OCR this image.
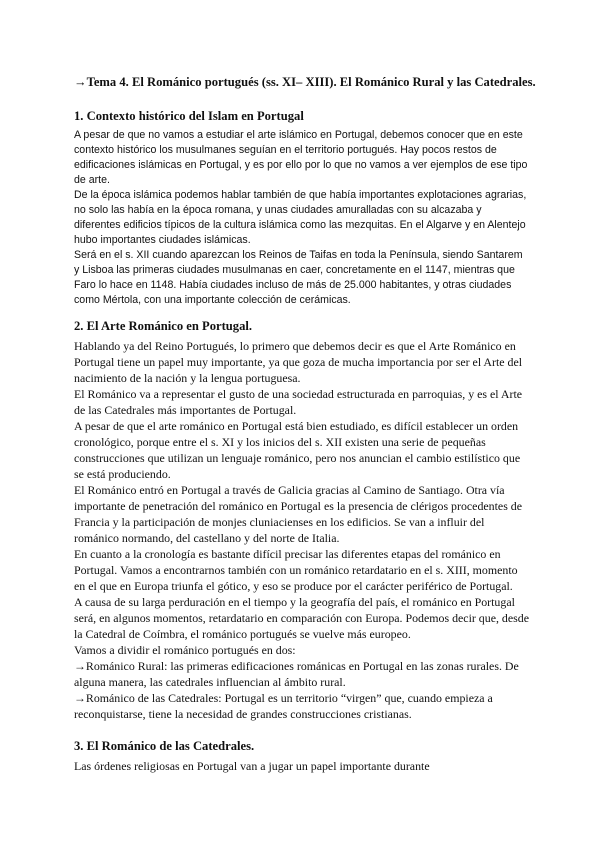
→Tema 4. El Románico portugués (ss. XI– XIII). El Románico Rural y las Catedrales.
1. Contexto histórico del Islam en Portugal

A pesar de que no vamos a estudiar el arte islámico en Portugal, debemos conocer que en este contexto histórico los musulmanes seguían en el territorio portugués. Hay pocos restos de edificaciones islámicas en Portugal, y es por ello por lo que no vamos a ver ejemplos de ese tipo de arte.

De la época islámica podemos hablar también de que había importantes explotaciones agrarias, no solo las había en la época romana, y unas ciudades amuralladas con su alcazaba y diferentes edificios típicos de la cultura islámica como las mezquitas. En el Algarve y en Alentejo hubo importantes ciudades islámicas.

Será en el s. XII cuando aparezcan los Reinos de Taifas en toda la Península, siendo Santarem y Lisboa las primeras ciudades musulmanas en caer, concretamente en el 1147, mientras que Faro lo hace en 1148. Había ciudades incluso de más de 25.000 habitantes, y otras ciudades como Mértola, con una importante colección de cerámicas.

2. El Arte Románico en Portugal.

Hablando ya del Reino Portugués, lo primero que debemos decir es que el Arte Románico en Portugal tiene un papel muy importante, ya que goza de mucha importancia por ser el Arte del nacimiento de la nación y la lengua portuguesa.

El Románico va a representar el gusto de una sociedad estructurada en parroquias, y es el Arte de las Catedrales más importantes de Portugal.

A pesar de que el arte románico en Portugal está bien estudiado, es difícil establecer un orden cronológico, porque entre el s. XI y los inicios del s. XII existen una serie de pequeñas construcciones que utilizan un lenguaje románico, pero nos anuncian el cambio estilístico que se está produciendo.

El Románico entró en Portugal a través de Galicia gracias al Camino de Santiago. Otra vía importante de penetración del románico en Portugal es la presencia de clérigos procedentes de Francia y la participación de monjes cluniacienses en los edificios. Se van a influir del románico normando, del castellano y del norte de Italia.

En cuanto a la cronología es bastante difícil precisar las diferentes etapas del románico en Portugal. Vamos a encontrarnos también con un románico retardatario en el s. XIII, momento en el que en Europa triunfa el gótico, y eso se produce por el carácter periférico de Portugal.

A causa de su larga perduración en el tiempo y la geografía del país, el románico en Portugal será, en algunos momentos, retardatario en comparación con Europa. Podemos decir que, desde la Catedral de Coímbra, el románico portugués se vuelve más europeo.

Vamos a dividir el románico portugués en dos:

→Románico Rural: las primeras edificaciones románicas en Portugal en las zonas rurales. De alguna manera, las catedrales influencian al ámbito rural.

→Románico de las Catedrales: Portugal es un territorio “virgen” que, cuando empieza a reconquistarse, tiene la necesidad de grandes construcciones cristianas.

3. El Románico de las Catedrales.

Las órdenes religiosas en Portugal van a jugar un papel importante durante
